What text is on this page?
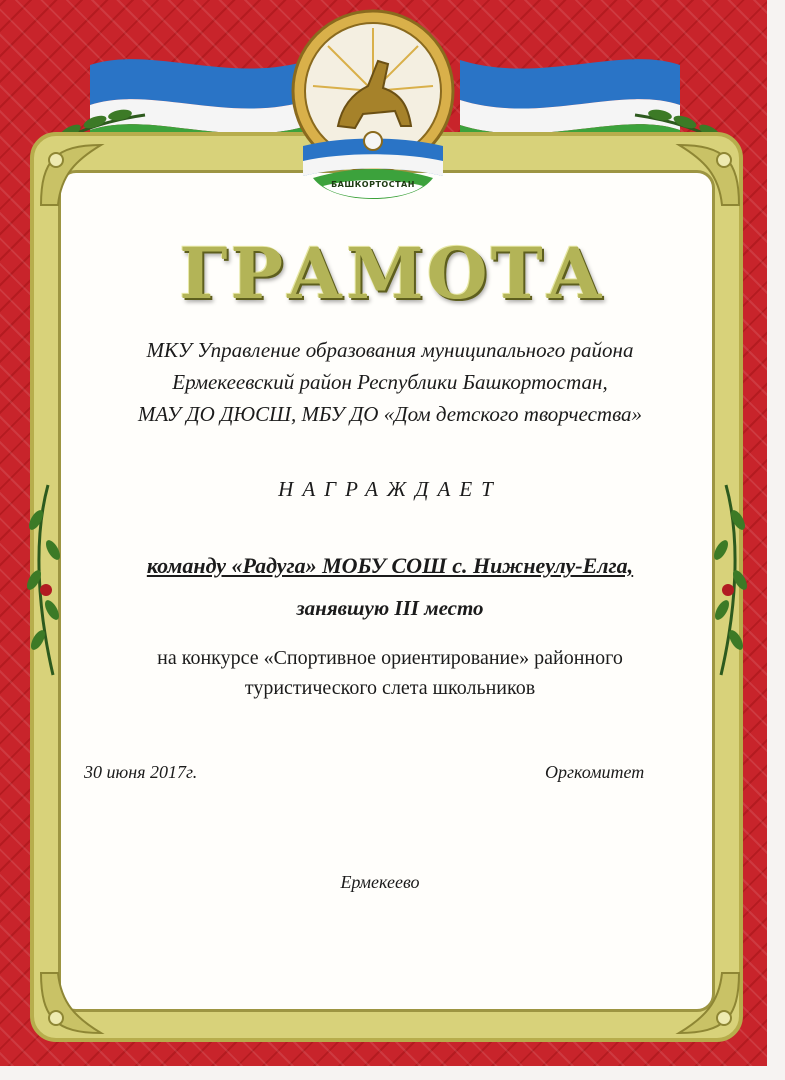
БАШКОРТОСТАН
ГРАМОТА
МКУ Управление образования муниципального района
Ермекеевский район Республики Башкортостан,
МАУ ДО ДЮСШ, МБУ ДО «Дом детского творчества»
НАГРАЖДАЕТ
команду «Радуга» МОБУ СОШ с. Нижнеулу-Елга,
занявшую III место
на конкурсе «Спортивное ориентирование» районного
туристического слета школьников
30 июня 2017г.	Оргкомитет
Ермекеево
